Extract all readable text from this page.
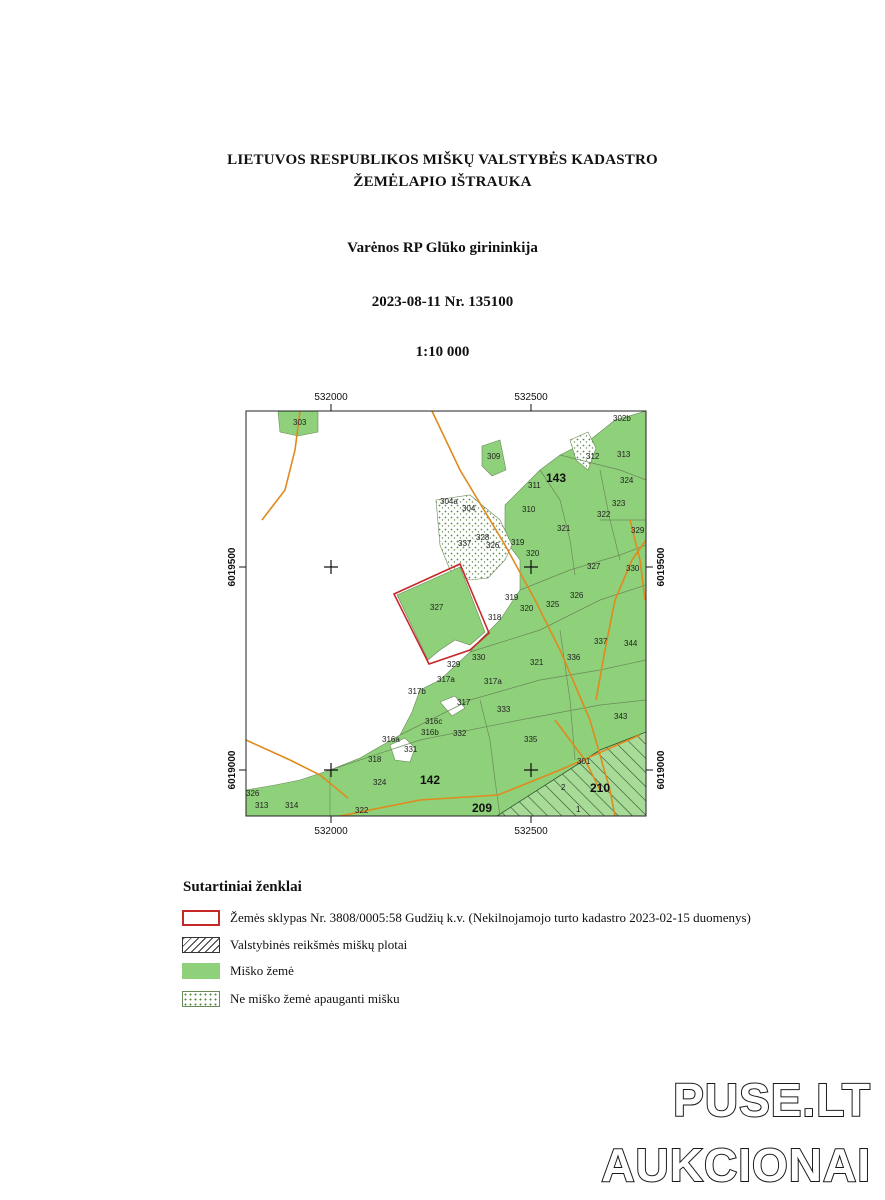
LIETUVOS RESPUBLIKOS MIŠKŲ VALSTYBĖS KADASTRO
ŽEMĖLAPIO IŠTRAUKA
Varėnos RP Glūko girininkija
2023-08-11 Nr. 135100
1:10 000
532000	532500
532000	532500
6019500
6019000
6019500
6019000
143
142
209
210
303	302b
309	312 313
311
324
304a
304	310
323
322
321
328
329
337 326 319
320
327	330
327
319
318
320 325
326
337 344
329
330
321
336
317b
317a	317a
317
333
343
316c
316b 332
316a
331
335
318	301
324
326
313 314
322
2
1
Sutartiniai ženklai
Žemės sklypas Nr. 3808/0005:58 Gudžių k.v. (Nekilnojamojo turto kadastro 2023-02-15 duomenys)
Valstybinės reikšmės miškų plotai
Miško žemė
Ne miško žemė apauganti mišku
PUSE.LT
AUKCIONAI
